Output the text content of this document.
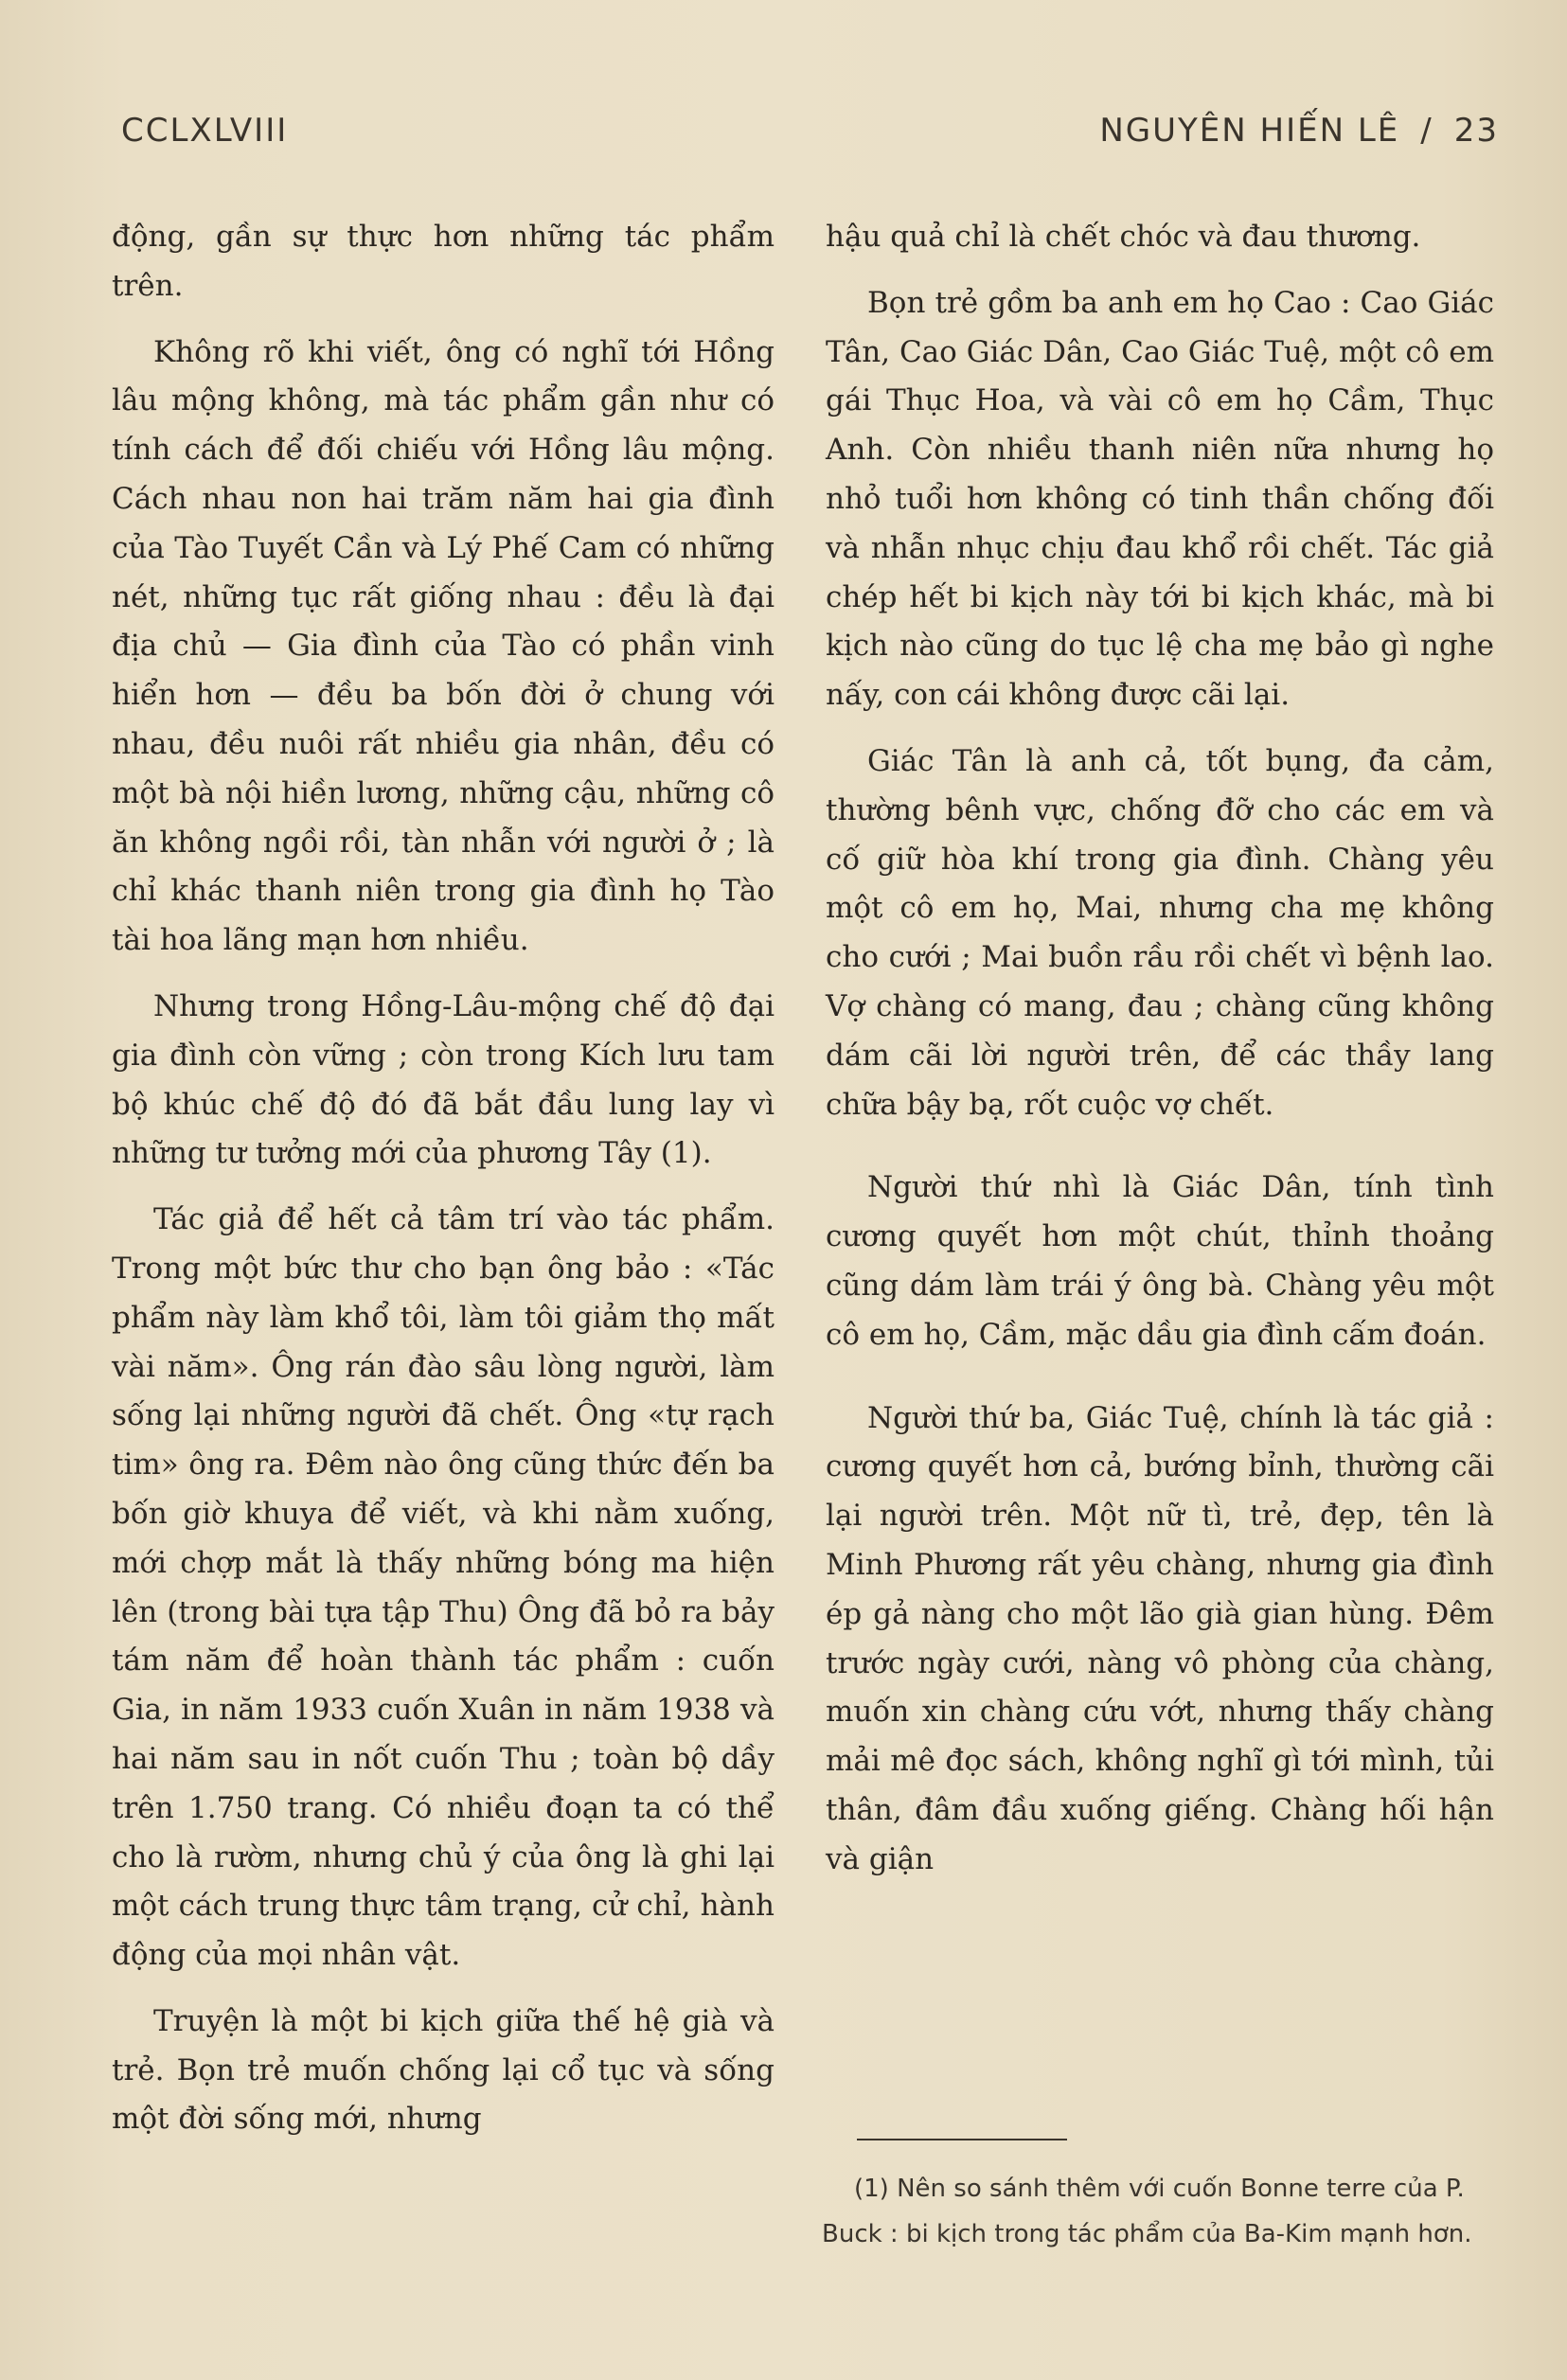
CCLXLVIII	NGUYÊN HIẾN LÊ / 23

động, gần sự thực hơn những tác phẩm trên.

Không rõ khi viết, ông có nghĩ tới Hồng lâu mộng không, mà tác phẩm gần như có tính cách để đối chiếu với Hồng lâu mộng. Cách nhau non hai trăm năm hai gia đình của Tào Tuyết Cần và Lý Phế Cam có những nét, những tục rất giống nhau : đều là đại địa chủ — Gia đình của Tào có phần vinh hiển hơn — đều ba bốn đời ở chung với nhau, đều nuôi rất nhiều gia nhân, đều có một bà nội hiền lương, những cậu, những cô ăn không ngồi rồi, tàn nhẫn với người ở ; là chỉ khác thanh niên trong gia đình họ Tào tài hoa lãng mạn hơn nhiều.

Nhưng trong Hồng-Lâu-mộng chế độ đại gia đình còn vững ; còn trong Kích lưu tam bộ khúc chế độ đó đã bắt đầu lung lay vì những tư tưởng mới của phương Tây (1).

Tác giả để hết cả tâm trí vào tác phẩm. Trong một bức thư cho bạn ông bảo : «Tác phẩm này làm khổ tôi, làm tôi giảm thọ mất vài năm». Ông rán đào sâu lòng người, làm sống lại những người đã chết. Ông «tự rạch tim» ông ra. Đêm nào ông cũng thức đến ba bốn giờ khuya để viết, và khi nằm xuống, mới chợp mắt là thấy những bóng ma hiện lên (trong bài tựa tập Thu) Ông đã bỏ ra bảy tám năm để hoàn thành tác phẩm : cuốn Gia, in năm 1933 cuốn Xuân in năm 1938 và hai năm sau in nốt cuốn Thu ; toàn bộ dầy trên 1.750 trang. Có nhiều đoạn ta có thể cho là rườm, nhưng chủ ý của ông là ghi lại một cách trung thực tâm trạng, cử chỉ, hành động của mọi nhân vật.

Truyện là một bi kịch giữa thế hệ già và trẻ. Bọn trẻ muốn chống lại cổ tục và sống một đời sống mới, nhưng

hậu quả chỉ là chết chóc và đau thương.

Bọn trẻ gồm ba anh em họ Cao : Cao Giác Tân, Cao Giác Dân, Cao Giác Tuệ, một cô em gái Thục Hoa, và vài cô em họ Cầm, Thục Anh. Còn nhiều thanh niên nữa nhưng họ nhỏ tuổi hơn không có tinh thần chống đối và nhẫn nhục chịu đau khổ rồi chết. Tác giả chép hết bi kịch này tới bi kịch khác, mà bi kịch nào cũng do tục lệ cha mẹ bảo gì nghe nấy, con cái không được cãi lại.

Giác Tân là anh cả, tốt bụng, đa cảm, thường bênh vực, chống đỡ cho các em và cố giữ hòa khí trong gia đình. Chàng yêu một cô em họ, Mai, nhưng cha mẹ không cho cưới ; Mai buồn rầu rồi chết vì bệnh lao. Vợ chàng có mang, đau ; chàng cũng không dám cãi lời người trên, để các thầy lang chữa bậy bạ, rốt cuộc vợ chết.

Người thứ nhì là Giác Dân, tính tình cương quyết hơn một chút, thỉnh thoảng cũng dám làm trái ý ông bà. Chàng yêu một cô em họ, Cầm, mặc dầu gia đình cấm đoán.

Người thứ ba, Giác Tuệ, chính là tác giả : cương quyết hơn cả, bướng bỉnh, thường cãi lại người trên. Một nữ tì, trẻ, đẹp, tên là Minh Phương rất yêu chàng, nhưng gia đình ép gả nàng cho một lão già gian hùng. Đêm trước ngày cưới, nàng vô phòng của chàng, muốn xin chàng cứu vớt, nhưng thấy chàng mải mê đọc sách, không nghĩ gì tới mình, tủi thân, đâm đầu xuống giếng. Chàng hối hận và giận

(1) Nên so sánh thêm với cuốn Bonne terre của P. Buck : bi kịch trong tác phẩm của Ba-Kim mạnh hơn.
